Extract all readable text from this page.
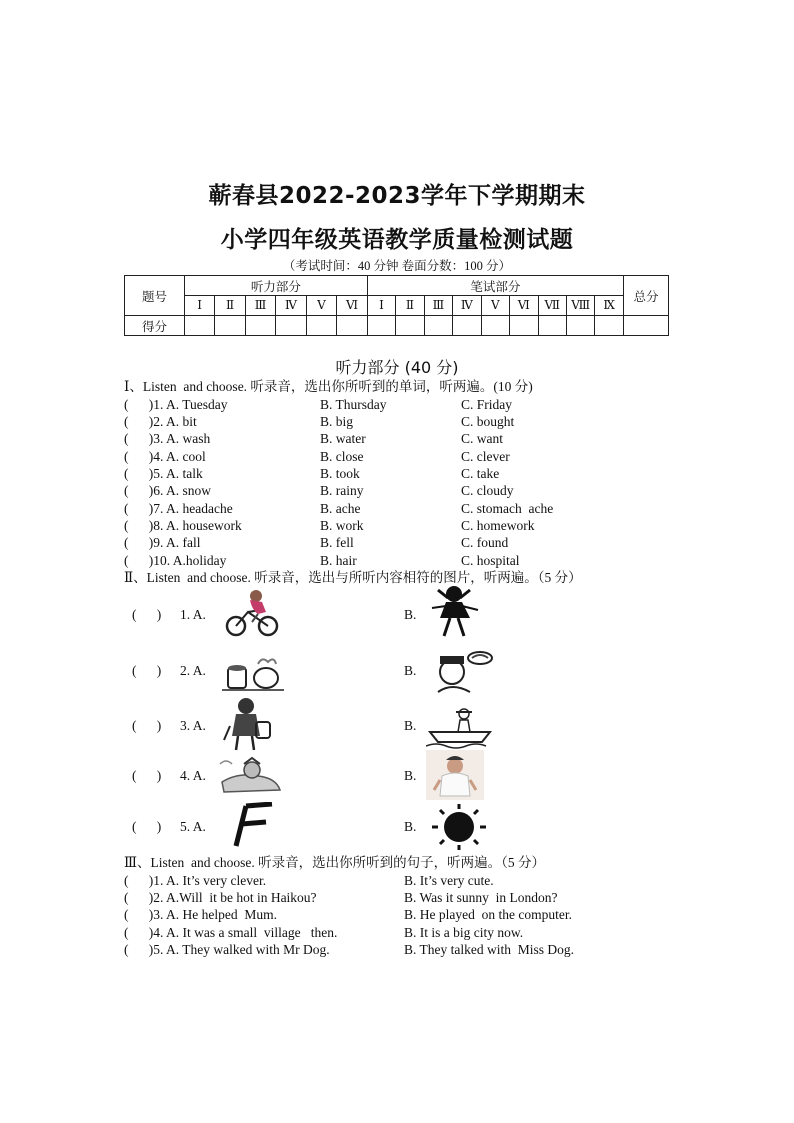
蕲春县2022-2023学年下学期期末
小学四年级英语教学质量检测试题
（考试时间：40 分钟 卷面分数：100 分）
题号	听力部分						笔试部分									总分
	Ⅰ	Ⅱ	Ⅲ	Ⅳ	Ⅴ	Ⅵ	Ⅰ	Ⅱ	Ⅲ	Ⅳ	Ⅴ	Ⅵ	Ⅶ	Ⅷ	Ⅸ	
得分																
听力部分 (40 分)
Ⅰ、Listen  and choose. 听录音，选出你所听到的单词，听两遍。(10 分)
(      )1. A. Tuesday	B. Thursday	C. Friday
(      )2. A. bit	B. big	C. bought
(      )3. A. wash	B. water	C. want
(      )4. A. cool	B. close	C. clever
(      )5. A. talk	B. took	C. take
(      )6. A. snow	B. rainy	C. cloudy
(      )7. A. headache	B. ache	C. stomach  ache
(      )8. A. housework	B. work	C. homework
(      )9. A. fall	B. fell	C. found
(      )10. A.holiday	B. hair	C. hospital
Ⅱ、Listen  and choose. 听录音，选出与所听内容相符的图片，听两遍。（5 分）
(      ) 1. A.	B.
(      ) 2. A.	B.
(      ) 3. A.	B.
(      ) 4. A.	B.
(      ) 5. A.	B.
Ⅲ、Listen  and choose. 听录音，选出你所听到的句子，听两遍。（5 分）
(      )1. A. It’s very clever.	B. It’s very cute.
(      )2. A.Will  it be hot in Haikou?	B. Was it sunny  in London?
(      )3. A. He helped  Mum.	B. He played  on the computer.
(      )4. A. It was a small  village   then.	B. It is a big city now.
(      )5. A. They walked with Mr Dog.	B. They talked with  Miss Dog.
